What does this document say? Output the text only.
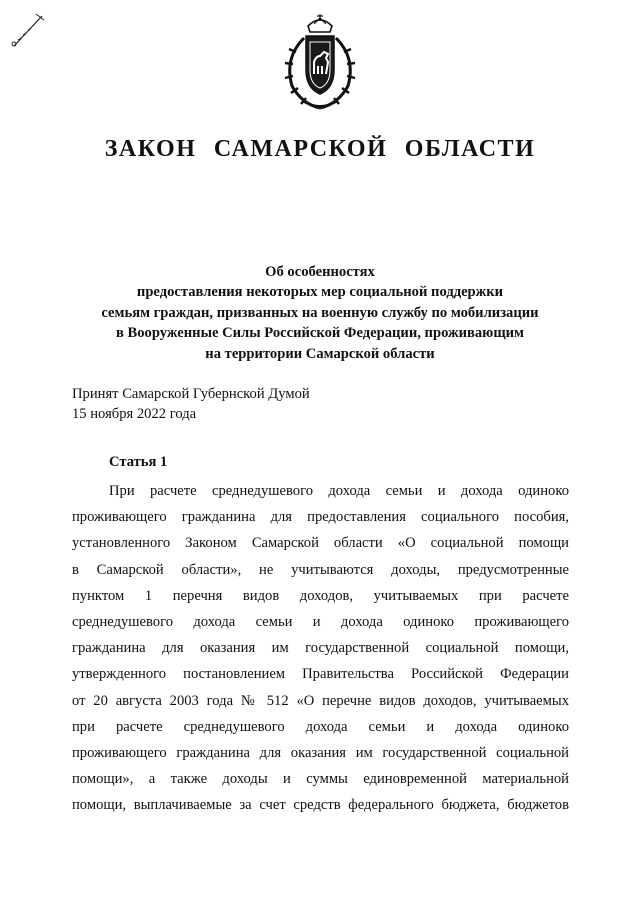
ЗАКОН САМАРСКОЙ ОБЛАСТИ
Об особенностях
предоставления некоторых мер социальной поддержки
семьям граждан, призванных на военную службу по мобилизации
в Вооруженные Силы Российской Федерации, проживающим
на территории Самарской области
Принят Самарской Губернской Думой
15 ноября 2022 года
Статья 1
При расчете среднедушевого дохода семьи и дохода одиноко
проживающего гражданина для предоставления социального пособия,
установленного Законом Самарской области «О социальной помощи
в Самарской области», не учитываются доходы, предусмотренные
пунктом 1 перечня видов доходов, учитываемых при расчете
среднедушевого дохода семьи и дохода одиноко проживающего
гражданина для оказания им государственной социальной помощи,
утвержденного постановлением Правительства Российской Федерации
от 20 августа 2003 года № 512 «О перечне видов доходов, учитываемых
при расчете среднедушевого дохода семьи и дохода одиноко
проживающего гражданина для оказания им государственной социальной
помощи», а также доходы и суммы единовременной материальной
помощи, выплачиваемые за счет средств федерального бюджета, бюджетов
